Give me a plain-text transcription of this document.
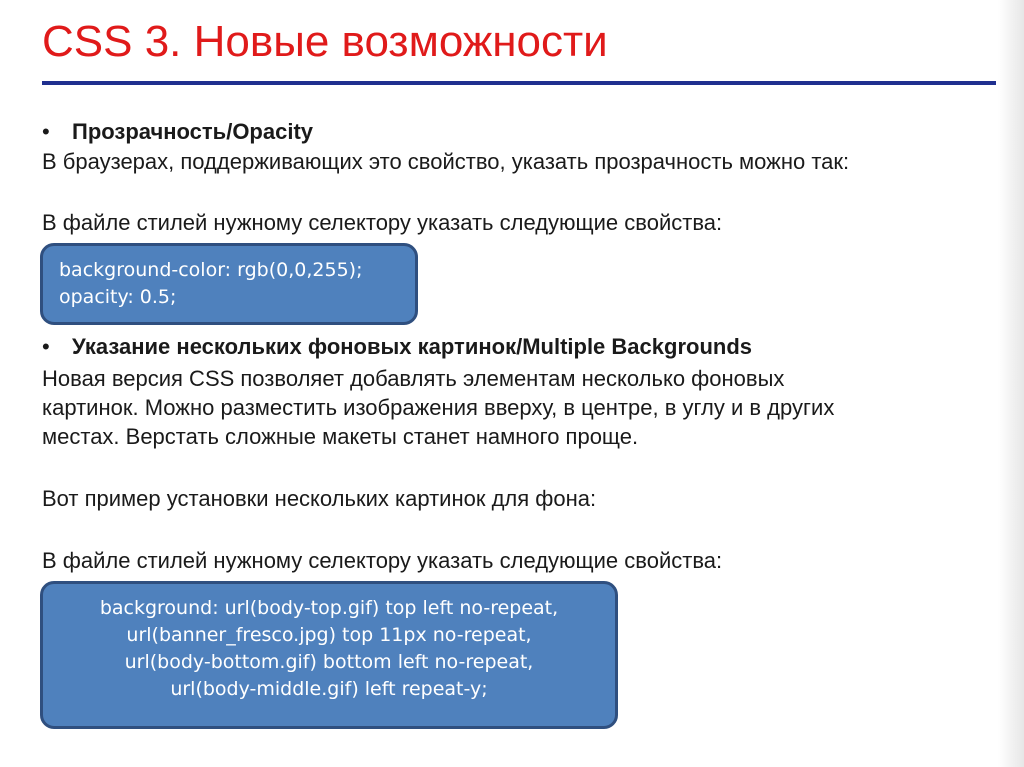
CSS 3. Новые возможности
• Прозрачность/Opacity
В браузерах, поддерживающих это свойство, указать прозрачность можно так:
В файле стилей нужному селектору указать следующие свойства:
background-color: rgb(0,0,255);
opacity: 0.5;
• Указание нескольких фоновых картинок/Multiple Backgrounds
Новая версия CSS позволяет добавлять элементам несколько фоновых
картинок. Можно разместить изображения вверху, в центре, в углу и в других
местах. Верстать сложные макеты станет намного проще.
Вот пример установки нескольких картинок для фона:
В файле стилей нужному селектору указать следующие свойства:
background: url(body-top.gif) top left no-repeat,
url(banner_fresco.jpg) top 11px no-repeat,
url(body-bottom.gif) bottom left no-repeat,
url(body-middle.gif) left repeat-y;
